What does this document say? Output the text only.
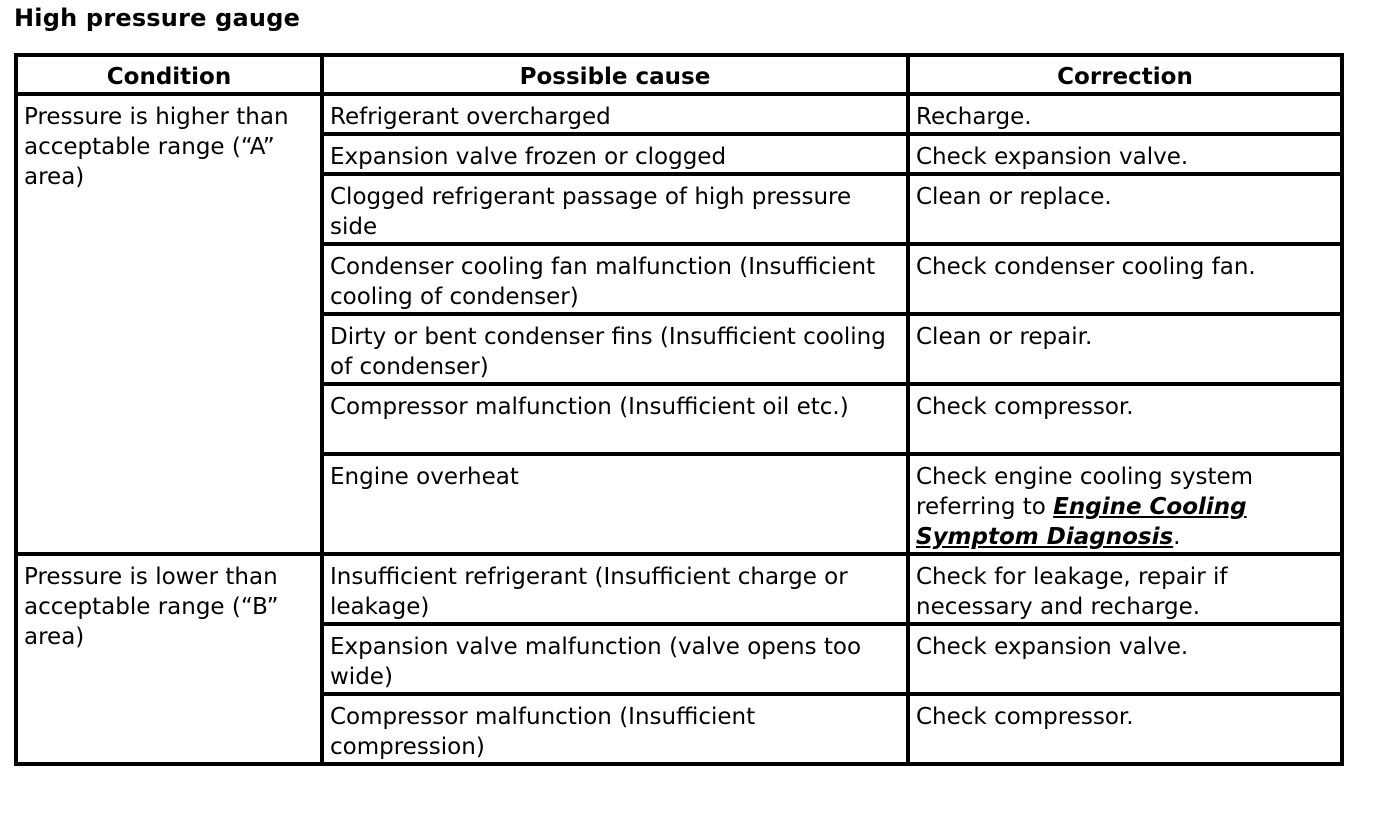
High pressure gauge
Condition	Possible cause	Correction
Pressure is higher than acceptable range (“A” area)	Refrigerant overcharged	Recharge.
	Expansion valve frozen or clogged	Check expansion valve.
	Clogged refrigerant passage of high pressure side	Clean or replace.
	Condenser cooling fan malfunction (Insufficient cooling of condenser)	Check condenser cooling fan.
	Dirty or bent condenser fins (Insufficient cooling of condenser)	Clean or repair.
	Compressor malfunction (Insufficient oil etc.)	Check compressor.
	Engine overheat	Check engine cooling system referring to Engine Cooling Symptom Diagnosis.
Pressure is lower than acceptable range (“B” area)	Insufficient refrigerant (Insufficient charge or leakage)	Check for leakage, repair if necessary and recharge.
	Expansion valve malfunction (valve opens too wide)	Check expansion valve.
	Compressor malfunction (Insufficient compression)	Check compressor.
